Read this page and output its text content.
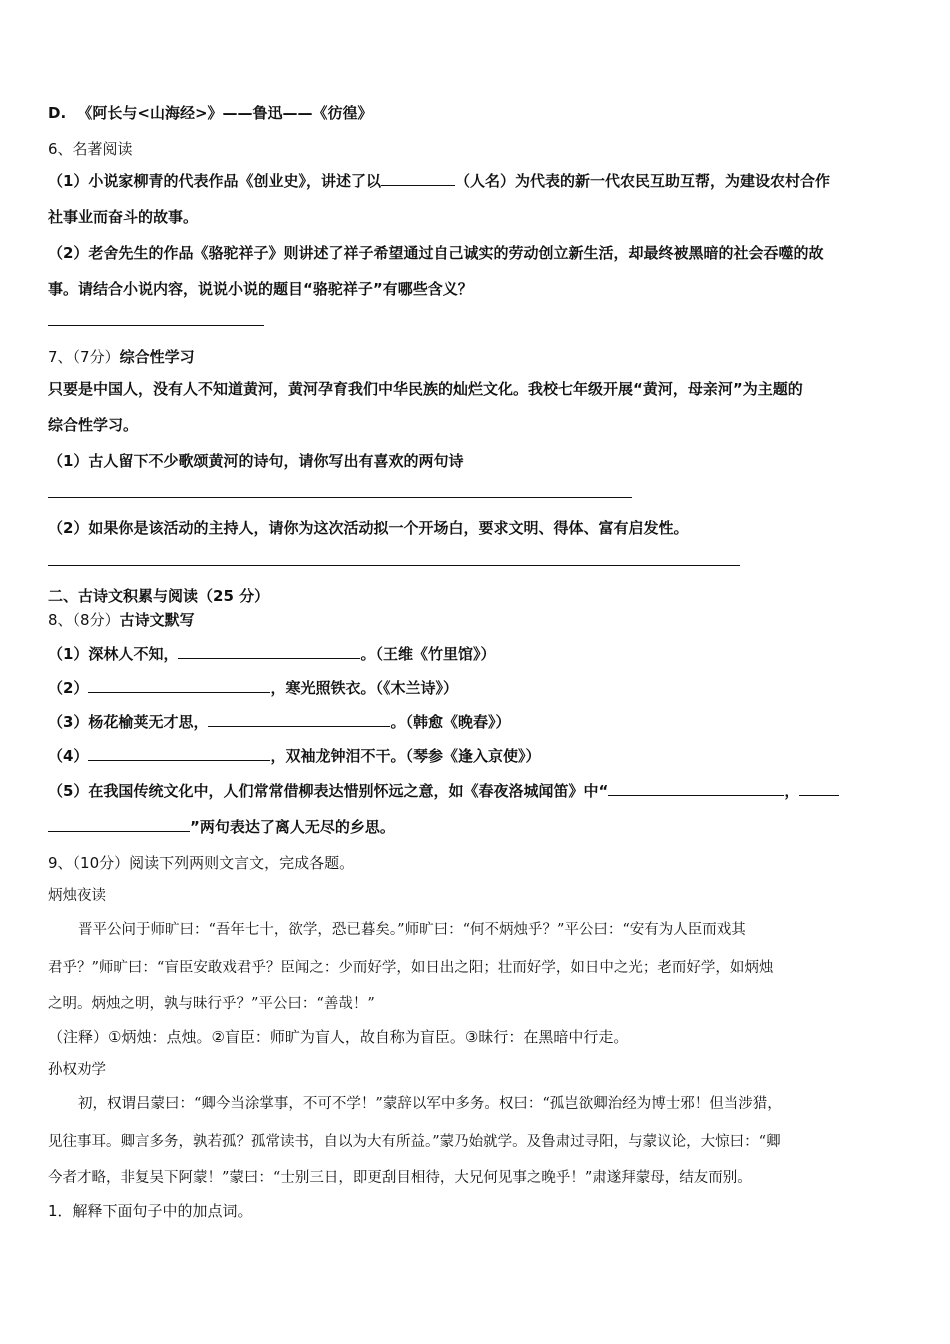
D. 《阿长与<山海经>》——鲁迅——《彷徨》
6、名著阅读
（1）小说家柳青的代表作品《创业史》，讲述了以	（人名）为代表的新一代农民互助互帮，为建设农村合作
社事业而奋斗的故事。
（2）老舍先生的作品《骆驼祥子》则讲述了祥子希望通过自己诚实的劳动创立新生活，却最终被黑暗的社会吞噬的故
事。请结合小说内容，说说小说的题目“骆驼祥子”有哪些含义？
7、（7分）综合性学习
只要是中国人，没有人不知道黄河，黄河孕育我们中华民族的灿烂文化。我校七年级开展“黄河，母亲河”为主题的
综合性学习。
（1）古人留下不少歌颂黄河的诗句，请你写出有喜欢的两句诗
（2）如果你是该活动的主持人，请你为这次活动拟一个开场白，要求文明、得体、富有启发性。
二、古诗文积累与阅读（25 分）
8、（8分）古诗文默写
（1）深林人不知，	。（王维《竹里馆》）
（2）	，寒光照铁衣。（《木兰诗》）
（3）杨花榆荚无才思，	。（韩愈《晚春》）
（4）	，双袖龙钟泪不干。（琴参《逢入京使》）
（5）在我国传统文化中，人们常常借柳表达惜别怀远之意，如《春夜洛城闻笛》中“	，
”两句表达了离人无尽的乡思。
9、（10分）阅读下列两则文言文，完成各题。
炳烛夜读
晋平公问于师旷曰：“吾年七十，欲学，恐已暮矣。”师旷曰：“何不炳烛乎？”平公曰：“安有为人臣而戏其
君乎？”师旷曰：“盲臣安敢戏君乎？臣闻之：少而好学，如日出之阳；壮而好学，如日中之光；老而好学，如炳烛
之明。炳烛之明，孰与昧行乎？”平公曰：“善哉！”
（注释）①炳烛：点烛。②盲臣：师旷为盲人，故自称为盲臣。③昧行：在黑暗中行走。
孙权劝学
初，权谓吕蒙曰：“卿今当涂掌事，不可不学！”蒙辞以军中多务。权曰：“孤岂欲卿治经为博士邪！但当涉猎，
见往事耳。卿言多务，孰若孤？孤常读书，自以为大有所益。”蒙乃始就学。及鲁肃过寻阳，与蒙议论，大惊曰：“卿
今者才略，非复吴下阿蒙！”蒙曰：“士别三日，即更刮目相待，大兄何见事之晚乎！”肃遂拜蒙母，结友而别。
1．解释下面句子中的加点词。
